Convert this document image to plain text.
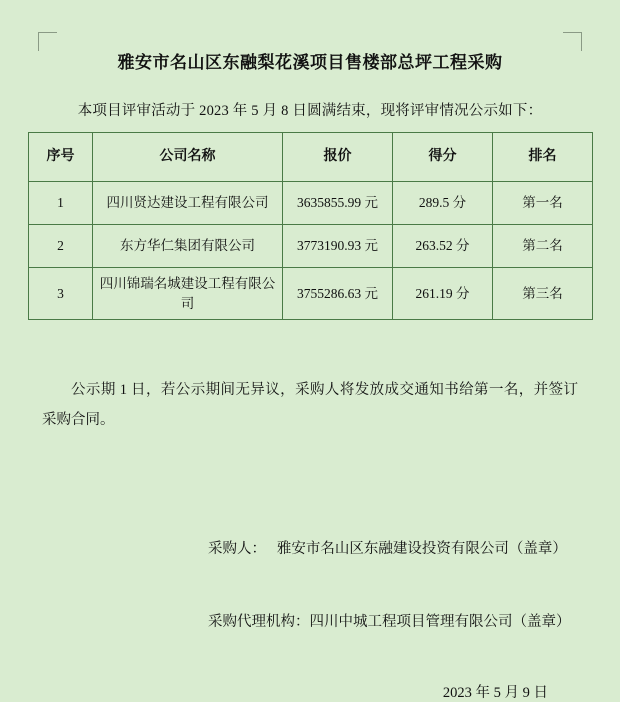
雅安市名山区东融梨花溪项目售楼部总坪工程采购

本项目评审活动于 2023 年 5 月 8 日圆满结束，现将评审情况公示如下：

序号	公司名称	报价	得分	排名
1	四川贤达建设工程有限公司	3635855.99 元	289.5 分	第一名
2	东方华仁集团有限公司	3773190.93 元	263.52 分	第二名
3	四川锦瑞名城建设工程有限公司	3755286.63 元	261.19 分	第三名

公示期 1 日，若公示期间无异议，采购人将发放成交通知书给第一名，并签订采购合同。

采购人： 雅安市名山区东融建设投资有限公司（盖章）

采购代理机构：四川中城工程项目管理有限公司（盖章）

2023 年 5 月 9 日
